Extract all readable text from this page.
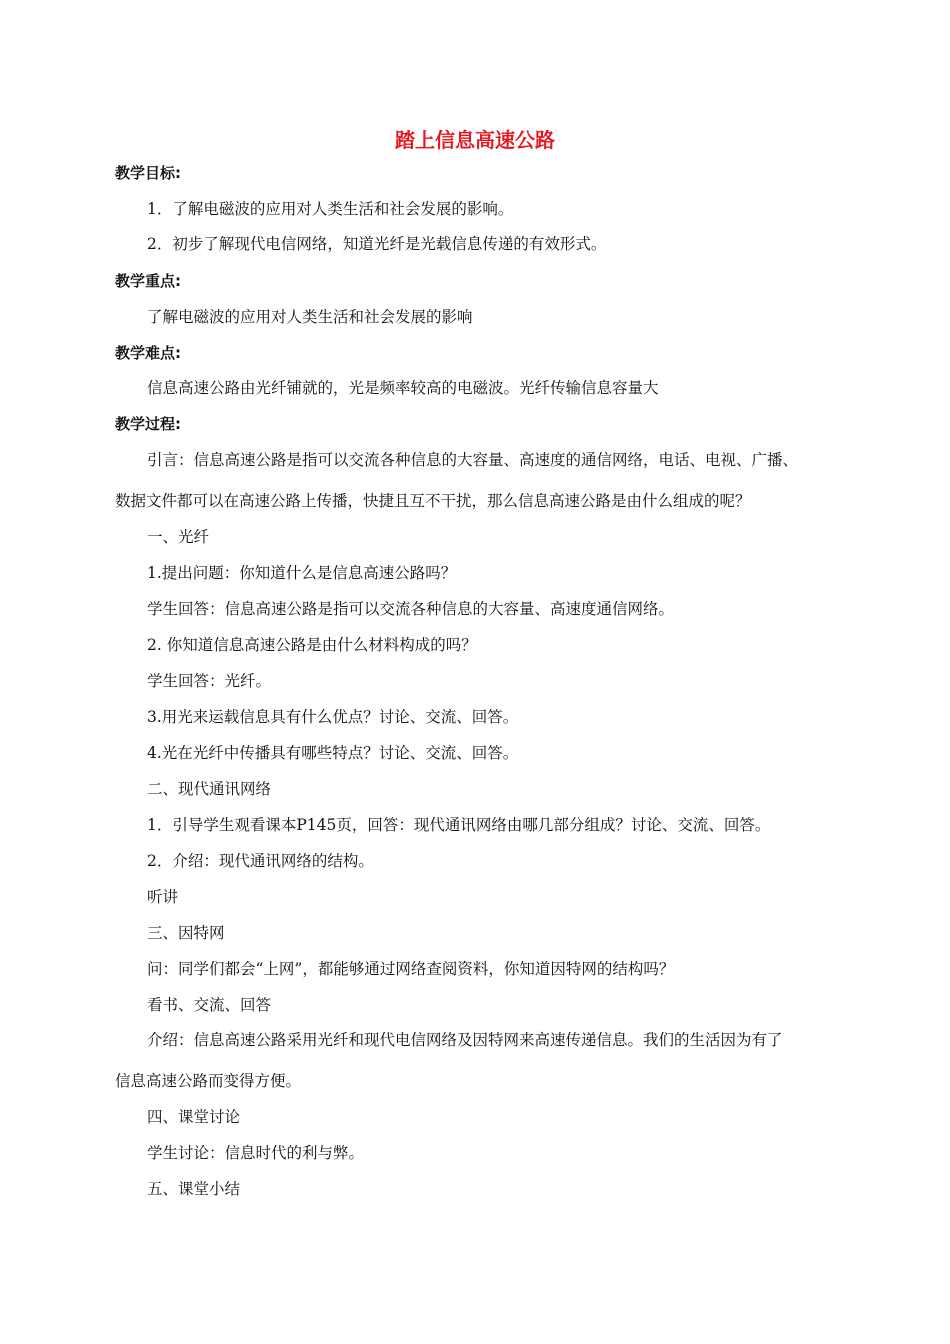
踏上信息高速公路
教学目标:
1．了解电磁波的应用对人类生活和社会发展的影响。
2．初步了解现代电信网络，知道光纤是光载信息传递的有效形式。
教学重点:
了解电磁波的应用对人类生活和社会发展的影响
教学难点:
信息高速公路由光纤铺就的，光是频率较高的电磁波。光纤传输信息容量大
教学过程:
引言：信息高速公路是指可以交流各种信息的大容量、高速度的通信网络，电话、电视、广播、
数据文件都可以在高速公路上传播，快捷且互不干扰，那么信息高速公路是由什么组成的呢？
一、光纤
1.提出问题：你知道什么是信息高速公路吗？
学生回答：信息高速公路是指可以交流各种信息的大容量、高速度通信网络。
2. 你知道信息高速公路是由什么材料构成的吗？
学生回答：光纤。
3.用光来运载信息具有什么优点？讨论、交流、回答。
4.光在光纤中传播具有哪些特点？讨论、交流、回答。
二、现代通讯网络
1．引导学生观看课本P145页，回答：现代通讯网络由哪几部分组成？讨论、交流、回答。
2．介绍：现代通讯网络的结构。
听讲
三、因特网
问：同学们都会“上网”，都能够通过网络查阅资料，你知道因特网的结构吗？
看书、交流、回答
介绍：信息高速公路采用光纤和现代电信网络及因特网来高速传递信息。我们的生活因为有了
信息高速公路而变得方便。
四、课堂讨论
学生讨论：信息时代的利与弊。
五、课堂小结
